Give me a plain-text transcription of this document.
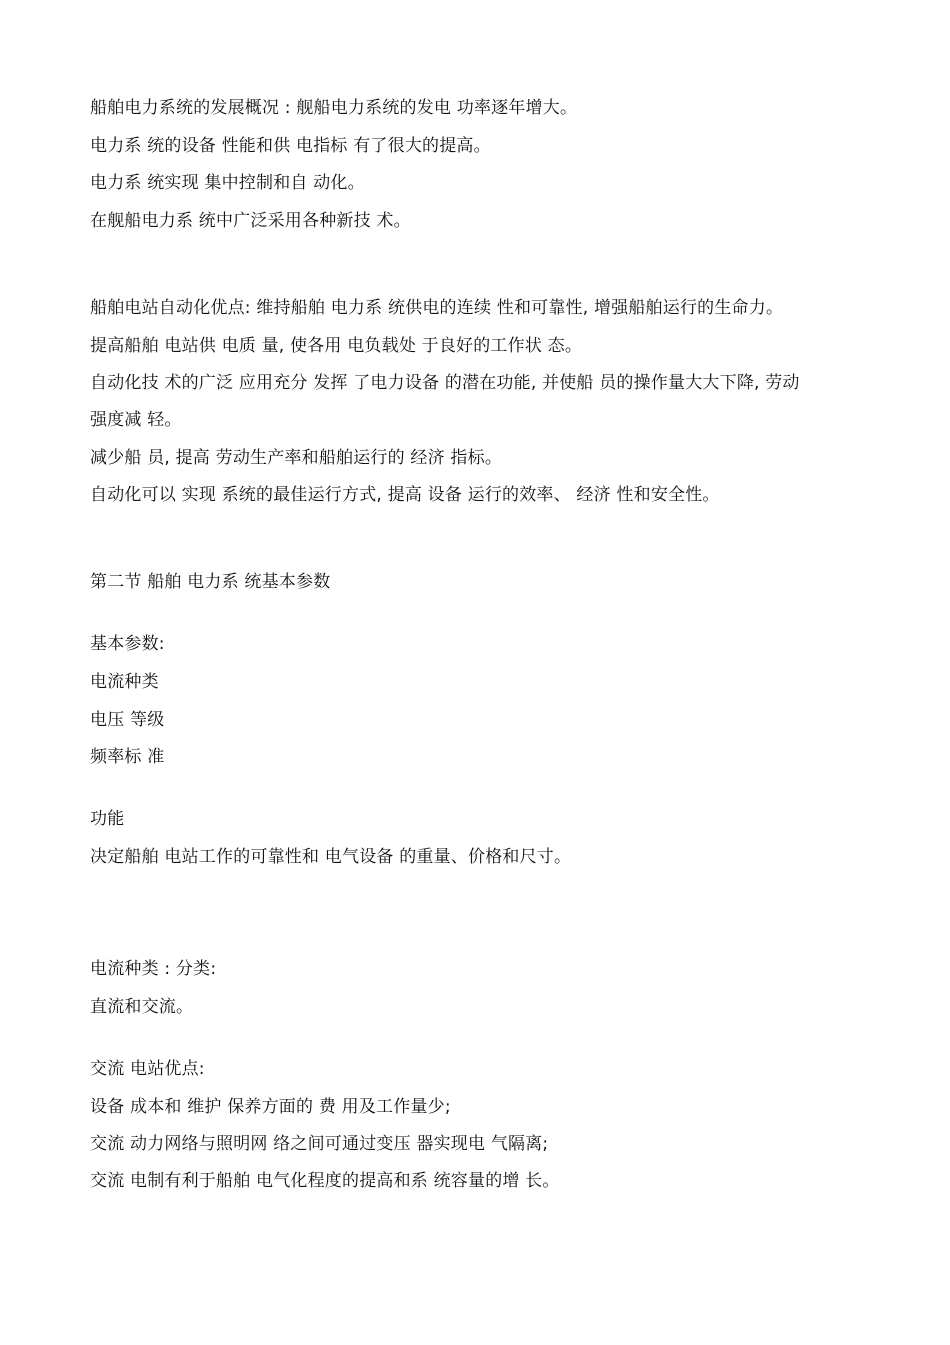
船舶电力系统的发展概况 : 舰船电力系统的发电 功率逐年增大。
电力系 统的设备 性能和供 电指标 有了很大的提高。
电力系 统实现 集中控制和自 动化。
在舰船电力系 统中广泛采用各种新技 术。
船舶电站自动化优点: 维持船舶 电力系 统供电的连续 性和可靠性, 增强船舶运行的生命力。
提高船舶 电站供 电质 量, 使各用 电负载处 于良好的工作状 态。
自动化技 术的广泛 应用充分 发挥 了电力设备 的潜在功能, 并使船 员的操作量大大下降, 劳动
强度减 轻。
减少船 员, 提高 劳动生产率和船舶运行的 经济 指标。
自动化可以 实现 系统的最佳运行方式, 提高 设备 运行的效率、 经济 性和安全性。
第二节 船舶 电力系 统基本参数
基本参数:
电流种类
电压 等级
频率标 准
功能
决定船舶 电站工作的可靠性和 电气设备 的重量、价格和尺寸。
电流种类 : 分类:
直流和交流。
交流 电站优点:
设备 成本和 维护 保养方面的 费 用及工作量少;
交流 动力网络与照明网 络之间可通过变压 器实现电 气隔离;
交流 电制有利于船舶 电气化程度的提高和系 统容量的增 长。
